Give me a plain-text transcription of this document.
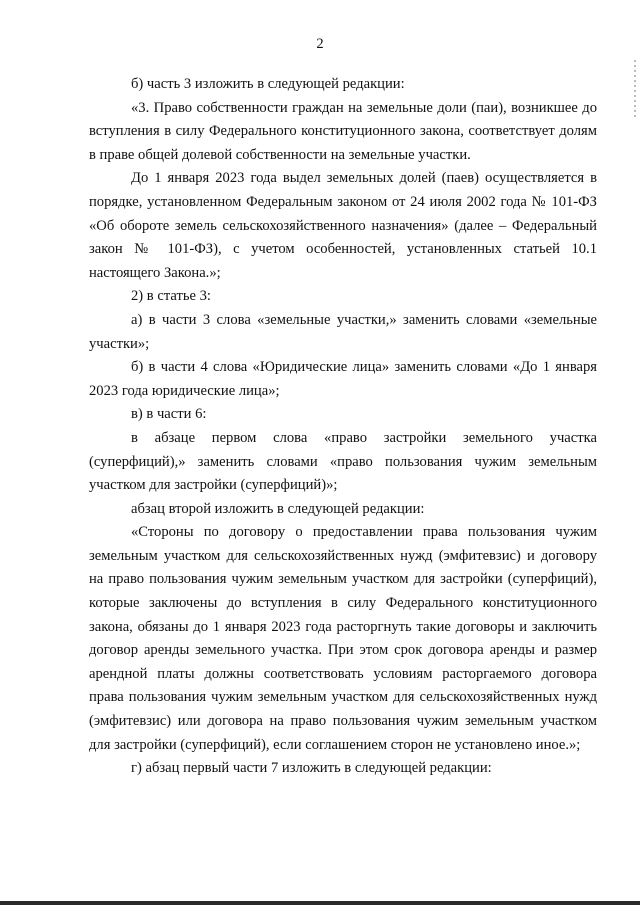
2

б) часть 3 изложить в следующей редакции:

«3. Право собственности граждан на земельные доли (паи), возникшее до вступления в силу Федерального конституционного закона, соответствует долям в праве общей долевой собственности на земельные участки.

До 1 января 2023 года выдел земельных долей (паев) осуществляется в порядке, установленном Федеральным законом от 24 июля 2002 года № 101-ФЗ «Об обороте земель сельскохозяйственного назначения» (далее – Федеральный закон № 101-ФЗ), с учетом особенностей, установленных статьей 10.1 настоящего Закона.»;

2) в статье 3:

а) в части 3 слова «земельные участки,» заменить словами «земельные участки»;

б) в части 4 слова «Юридические лица» заменить словами «До 1 января 2023 года юридические лица»;

в) в части 6:

в абзаце первом слова «право застройки земельного участка (суперфиций),» заменить словами «право пользования чужим земельным участком для застройки (суперфиций)»;

абзац второй изложить в следующей редакции:

«Стороны по договору о предоставлении права пользования чужим земельным участком для сельскохозяйственных нужд (эмфитевзис) и договору на право пользования чужим земельным участком для застройки (суперфиций), которые заключены до вступления в силу Федерального конституционного закона, обязаны до 1 января 2023 года расторгнуть такие договоры и заключить договор аренды земельного участка. При этом срок договора аренды и размер арендной платы должны соответствовать условиям расторгаемого договора права пользования чужим земельным участком для сельскохозяйственных нужд (эмфитевзис) или договора на право пользования чужим земельным участком для застройки (суперфиций), если соглашением сторон не установлено иное.»;

г) абзац первый части 7 изложить в следующей редакции:
